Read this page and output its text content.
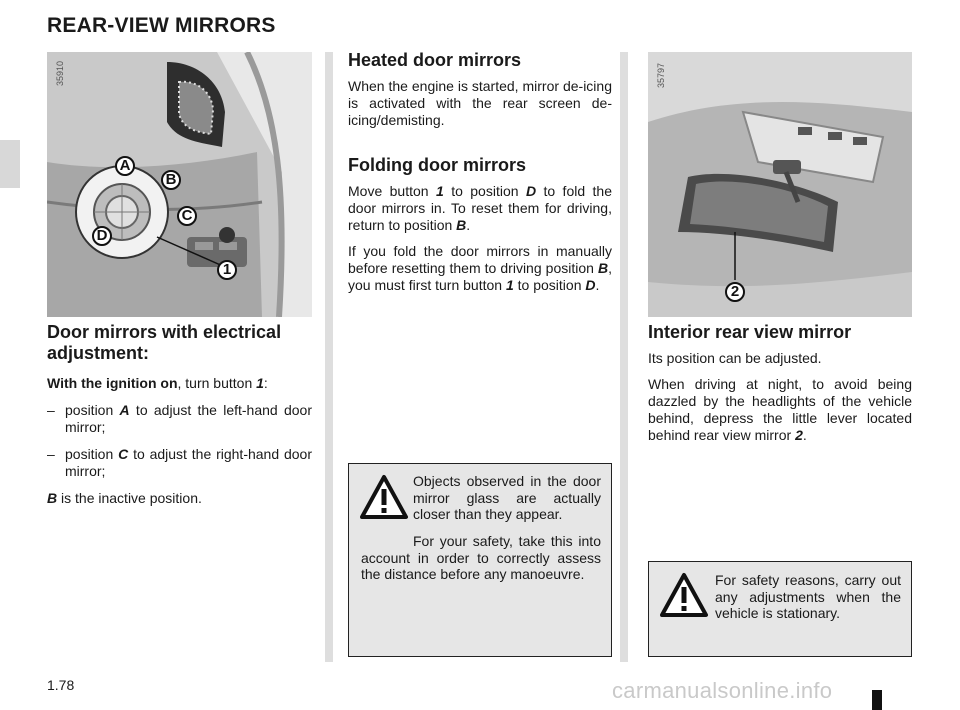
REAR-VIEW MIRRORS
35910
A
B
C
D
1
35797
2
Door mirrors with electrical adjustment:

With the ignition on, turn button 1:

– position A to adjust the left-hand door mirror;

– position C to adjust the right-hand door mirror;

B is the inactive position.

Heated door mirrors

When the engine is started, mirror de-icing is activated with the rear screen de-icing/demisting.

Folding door mirrors

Move button 1 to position D to fold the door mirrors in. To reset them for driving, return to position B.

If you fold the door mirrors in manually before resetting them to driving position B, you must first turn button 1 to position D.

Objects observed in the door mirror glass are actually closer than they appear.

For your safety, take this into account in order to correctly assess the distance before any manoeuvre.

Interior rear view mirror

Its position can be adjusted.

When driving at night, to avoid being dazzled by the headlights of the vehicle behind, depress the little lever located behind rear view mirror 2.

For safety reasons, carry out any adjustments when the vehicle is stationary.

1.78	carmanualsonline.info
